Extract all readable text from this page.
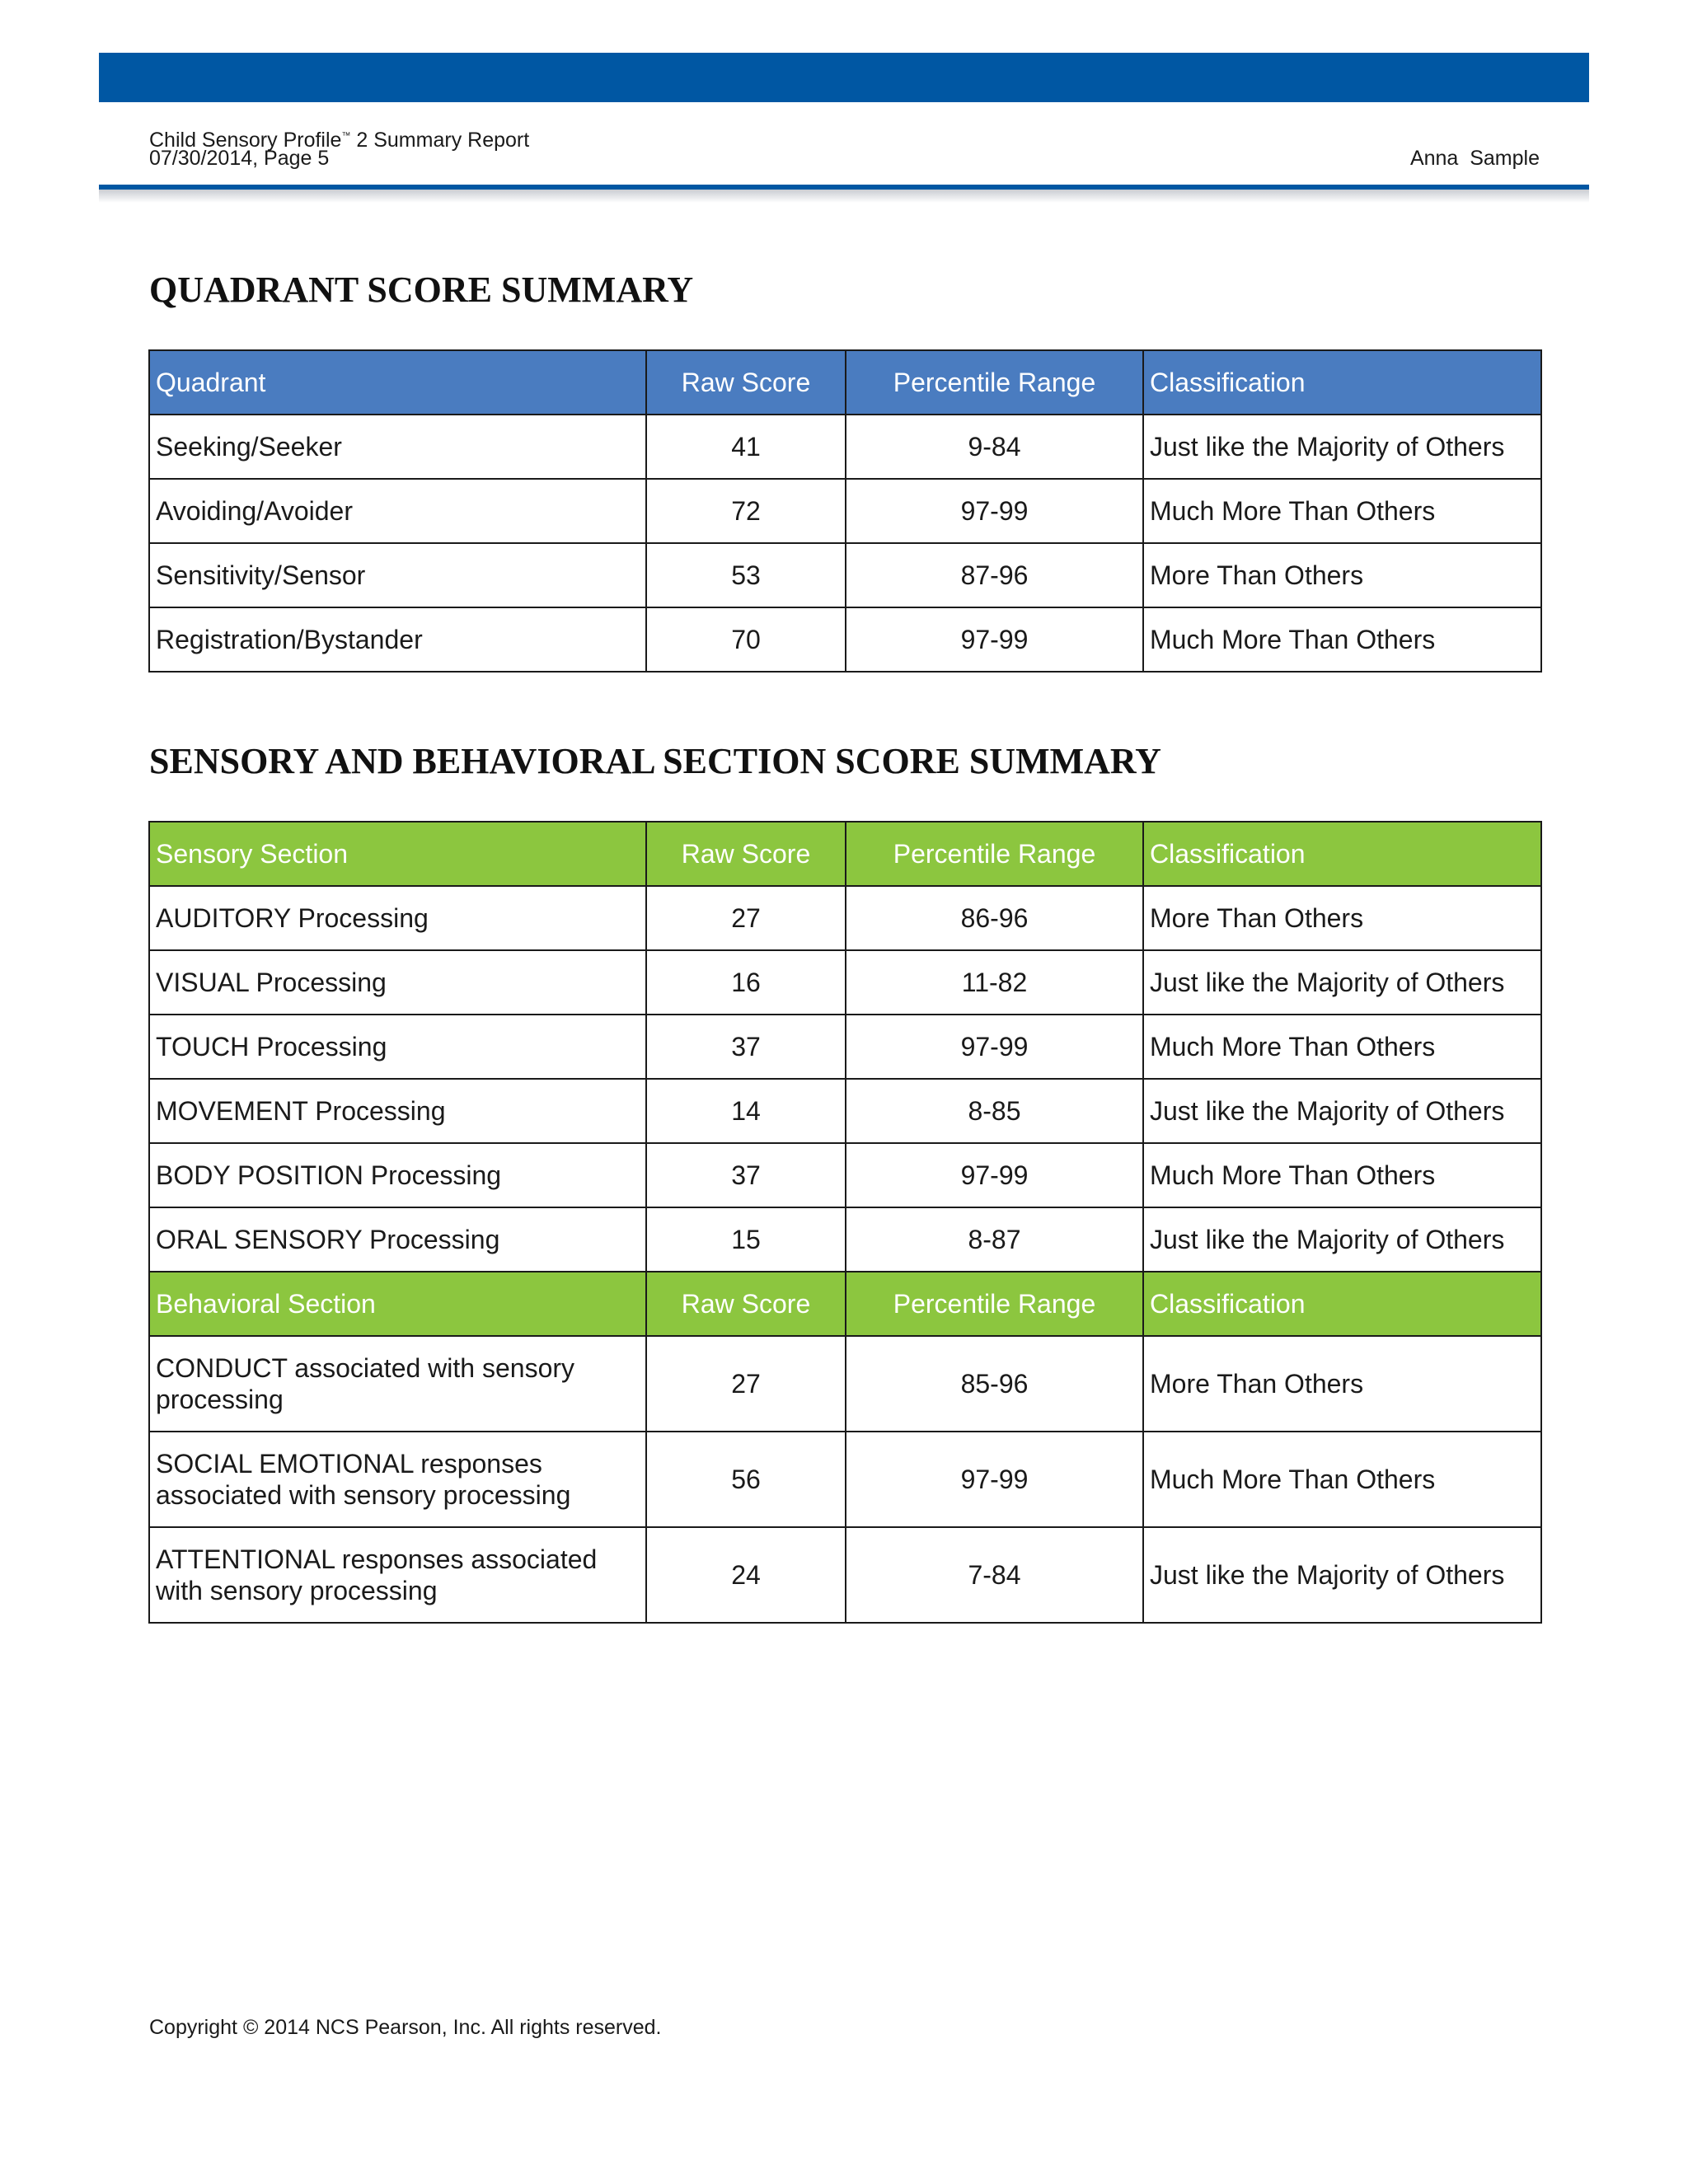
Child Sensory Profile™ 2 Summary Report
07/30/2014, Page 5	Anna  Sample
QUADRANT SCORE SUMMARY
Quadrant	Raw Score	Percentile Range	Classification
Seeking/Seeker	41	9-84	Just like the Majority of Others
Avoiding/Avoider	72	97-99	Much More Than Others
Sensitivity/Sensor	53	87-96	More Than Others
Registration/Bystander	70	97-99	Much More Than Others
SENSORY AND BEHAVIORAL SECTION SCORE SUMMARY
Sensory Section	Raw Score	Percentile Range	Classification
AUDITORY Processing	27	86-96	More Than Others
VISUAL Processing	16	11-82	Just like the Majority of Others
TOUCH Processing	37	97-99	Much More Than Others
MOVEMENT Processing	14	8-85	Just like the Majority of Others
BODY POSITION Processing	37	97-99	Much More Than Others
ORAL SENSORY Processing	15	8-87	Just like the Majority of Others
Behavioral Section	Raw Score	Percentile Range	Classification
CONDUCT associated with sensory processing	27	85-96	More Than Others
SOCIAL EMOTIONAL responses associated with sensory processing	56	97-99	Much More Than Others
ATTENTIONAL responses associated with sensory processing	24	7-84	Just like the Majority of Others
Copyright © 2014 NCS Pearson, Inc. All rights reserved.
